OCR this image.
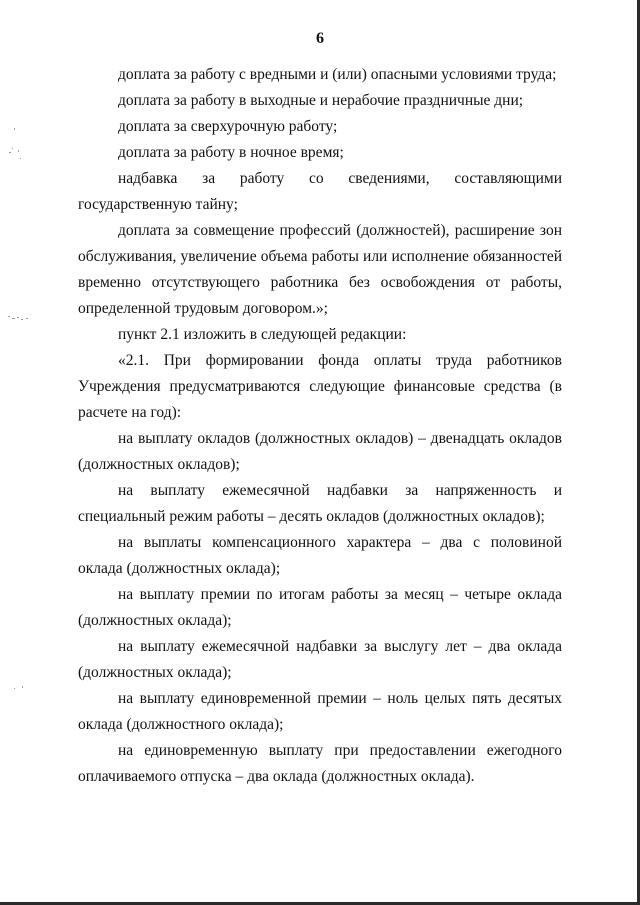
6

доплата за работу с вредными и (или) опасными условиями труда;

доплата за работу в выходные и нерабочие праздничные дни;

доплата за сверхурочную работу;

доплата за работу в ночное время;

надбавка за работу со сведениями, составляющими государственную тайну;

доплата за совмещение профессий (должностей), расширение зон обслуживания, увеличение объема работы или исполнение обязанностей временно отсутствующего работника без освобождения от работы, определенной трудовым договором.»;

пункт 2.1 изложить в следующей редакции:

«2.1. При формировании фонда оплаты труда работников Учреждения предусматриваются следующие финансовые средства (в расчете на год):

на выплату окладов (должностных окладов) – двенадцать окладов (должностных окладов);

на выплату ежемесячной надбавки за напряженность и специальный режим работы – десять окладов (должностных окладов);

на выплаты компенсационного характера – два с половиной оклада (должностных оклада);

на выплату премии по итогам работы за месяц – четыре оклада (должностных оклада);

на выплату ежемесячной надбавки за выслугу лет – два оклада (должностных оклада);

на выплату единовременной премии – ноль целых пять десятых оклада (должностного оклада);

на единовременную выплату при предоставлении ежегодного оплачиваемого отпуска – два оклада (должностных оклада).
